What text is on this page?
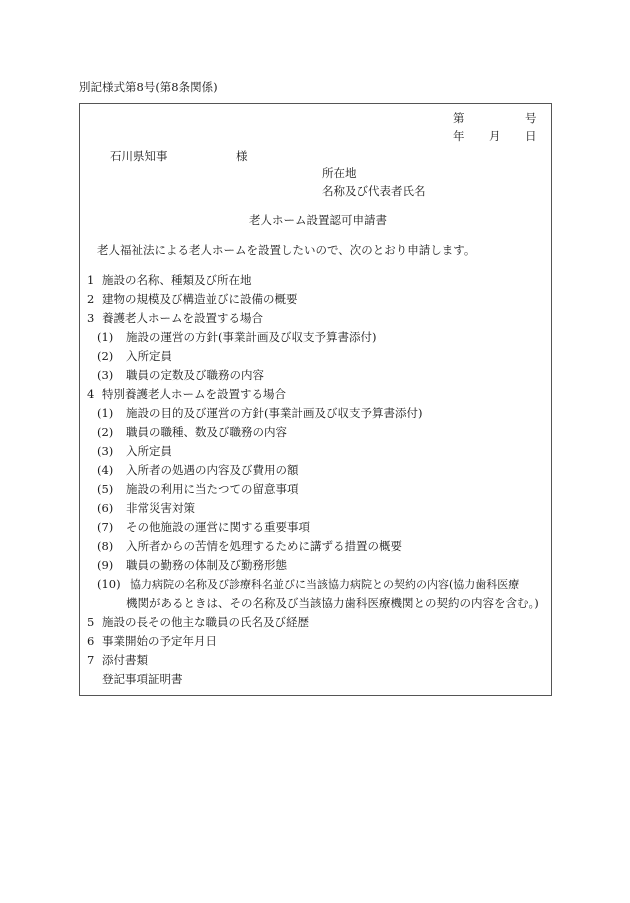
別記様式第8号(第8条関係)
第	号
年 月 日
石川県知事	様
所在地
名称及び代表者氏名
老人ホーム設置認可申請書
老人福祉法による老人ホームを設置したいので、次のとおり申請します。
1 施設の名称、種類及び所在地
2 建物の規模及び構造並びに設備の概要
3 養護老人ホームを設置する場合
(1) 施設の運営の方針(事業計画及び収支予算書添付)
(2) 入所定員
(3) 職員の定数及び職務の内容
4 特別養護老人ホームを設置する場合
(1) 施設の目的及び運営の方針(事業計画及び収支予算書添付)
(2) 職員の職種、数及び職務の内容
(3) 入所定員
(4) 入所者の処遇の内容及び費用の額
(5) 施設の利用に当たつての留意事項
(6) 非常災害対策
(7) その他施設の運営に関する重要事項
(8) 入所者からの苦情を処理するために講ずる措置の概要
(9) 職員の勤務の体制及び勤務形態
(10) 協力病院の名称及び診療科名並びに当該協力病院との契約の内容(協力歯科医療
機関があるときは、その名称及び当該協力歯科医療機関との契約の内容を含む。)
5 施設の長その他主な職員の氏名及び経歴
6 事業開始の予定年月日
7 添付書類
登記事項証明書
